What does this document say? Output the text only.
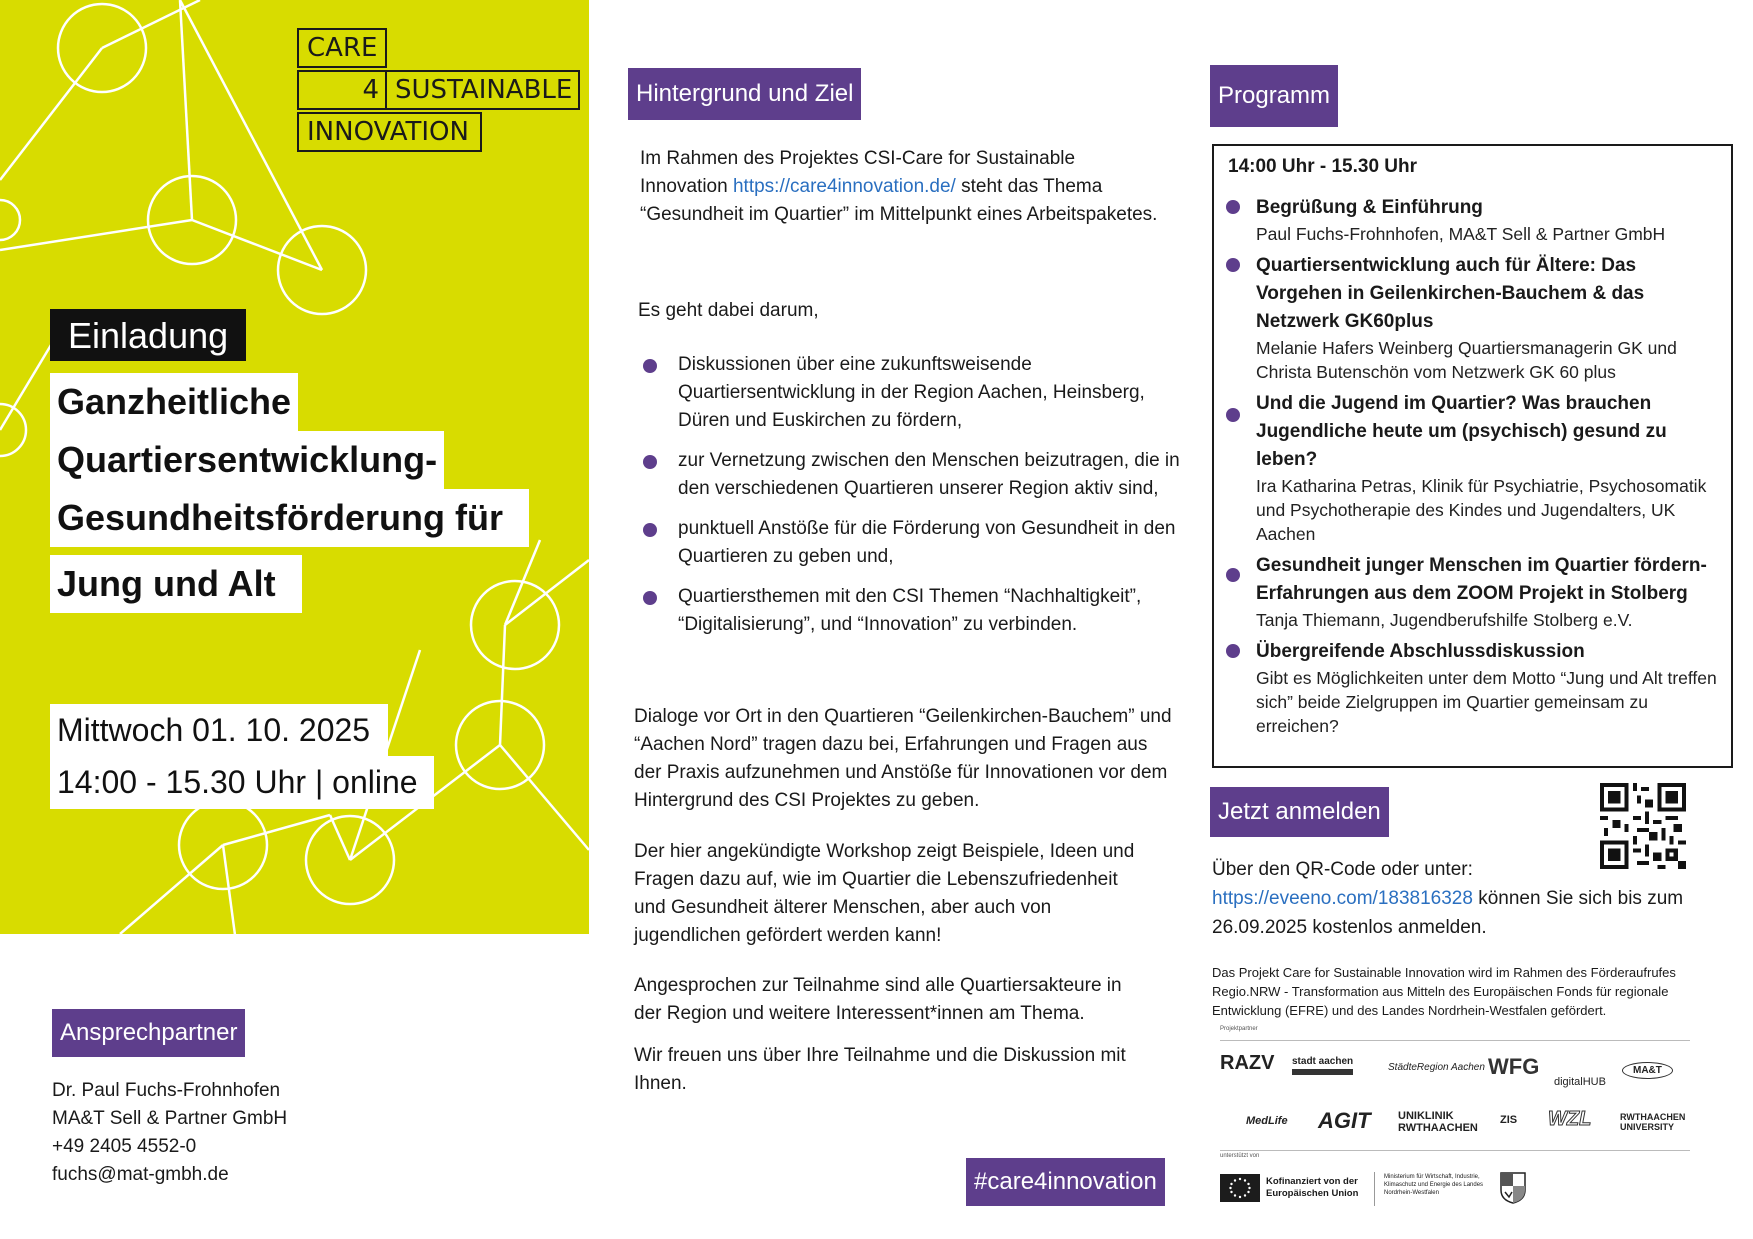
CARE
4 SUSTAINABLE
INNOVATION
Einladung
Ganzheitliche
Quartiersentwicklung-
Gesundheitsförderung für
Jung und Alt
Mittwoch 01. 10. 2025
14:00 - 15.30 Uhr | online
Ansprechpartner
Dr. Paul Fuchs-Frohnhofen
MA&T Sell & Partner GmbH
+49 2405 4552-0
fuchs@mat-gmbh.de
Hintergrund und Ziel
Im Rahmen des Projektes CSI-Care for Sustainable Innovation https://care4innovation.de/ steht das Thema “Gesundheit im Quartier” im Mittelpunkt eines Arbeitspaketes.
Es geht dabei darum,
Diskussionen über eine zukunftsweisende Quartiersentwicklung in der Region Aachen, Heinsberg, Düren und Euskirchen zu fördern,
zur Vernetzung zwischen den Menschen beizutragen, die in den verschiedenen Quartieren unserer Region aktiv sind,
punktuell Anstöße für die Förderung von Gesundheit in den Quartieren zu geben und,
Quartiersthemen mit den CSI Themen “Nachhaltigkeit”, “Digitalisierung”, und “Innovation” zu verbinden.
Dialoge vor Ort in den Quartieren “Geilenkirchen-Bauchem” und “Aachen Nord” tragen dazu bei, Erfahrungen und Fragen aus der Praxis aufzunehmen und Anstöße für Innovationen vor dem Hintergrund des CSI Projektes zu geben.
Der hier angekündigte Workshop zeigt Beispiele, Ideen und Fragen dazu auf, wie im Quartier die Lebenszufriedenheit und Gesundheit älterer Menschen, aber auch von jugendlichen gefördert werden kann!
Angesprochen zur Teilnahme sind alle Quartiersakteure in der Region und weitere Interessent*innen am Thema.
Wir freuen uns über Ihre Teilnahme und die Diskussion mit Ihnen.
#care4innovation
Programm
14:00 Uhr - 15.30 Uhr
Begrüßung & Einführung
Paul Fuchs-Frohnhofen, MA&T Sell & Partner GmbH
Quartiersentwicklung auch für Ältere: Das Vorgehen in Geilenkirchen-Bauchem & das Netzwerk GK60plus
Melanie Hafers Weinberg Quartiersmanagerin GK und Christa Butenschön vom Netzwerk GK 60 plus
Und die Jugend im Quartier? Was brauchen Jugendliche heute um (psychisch) gesund zu leben?
Ira Katharina Petras, Klinik für Psychiatrie, Psychosomatik und Psychotherapie des Kindes und Jugendalters, UK Aachen
Gesundheit junger Menschen im Quartier fördern- Erfahrungen aus dem ZOOM Projekt in Stolberg
Tanja Thiemann, Jugendberufshilfe Stolberg e.V.
Übergreifende Abschlussdiskussion
Gibt es Möglichkeiten unter dem Motto “Jung und Alt treffen sich” beide Zielgruppen im Quartier gemeinsam zu erreichen?
Jetzt anmelden
Über den QR-Code oder unter:
https://eveeno.com/183816328 können Sie sich bis zum
26.09.2025 kostenlos anmelden.
Das Projekt Care for Sustainable Innovation wird im Rahmen des Förderaufrufes Regio.NRW - Transformation aus Mitteln des Europäischen Fonds für regionale Entwicklung (EFRE) und des Landes Nordrhein-Westfalen gefördert.
Projektpartner
RAZV stadt aachen
StädteRegion Aachen WFG
digitalHUB
MA&T
MedLife AGIT UNIKLINIK RWTHAACHEN
ZIS WZL	RWTHAACHEN UNIVERSITY
unterstützt von
Kofinanziert von der Europäischen Union
Ministerium für Wirtschaft, Industrie, Klimaschutz und Energie des Landes Nordrhein-Westfalen
